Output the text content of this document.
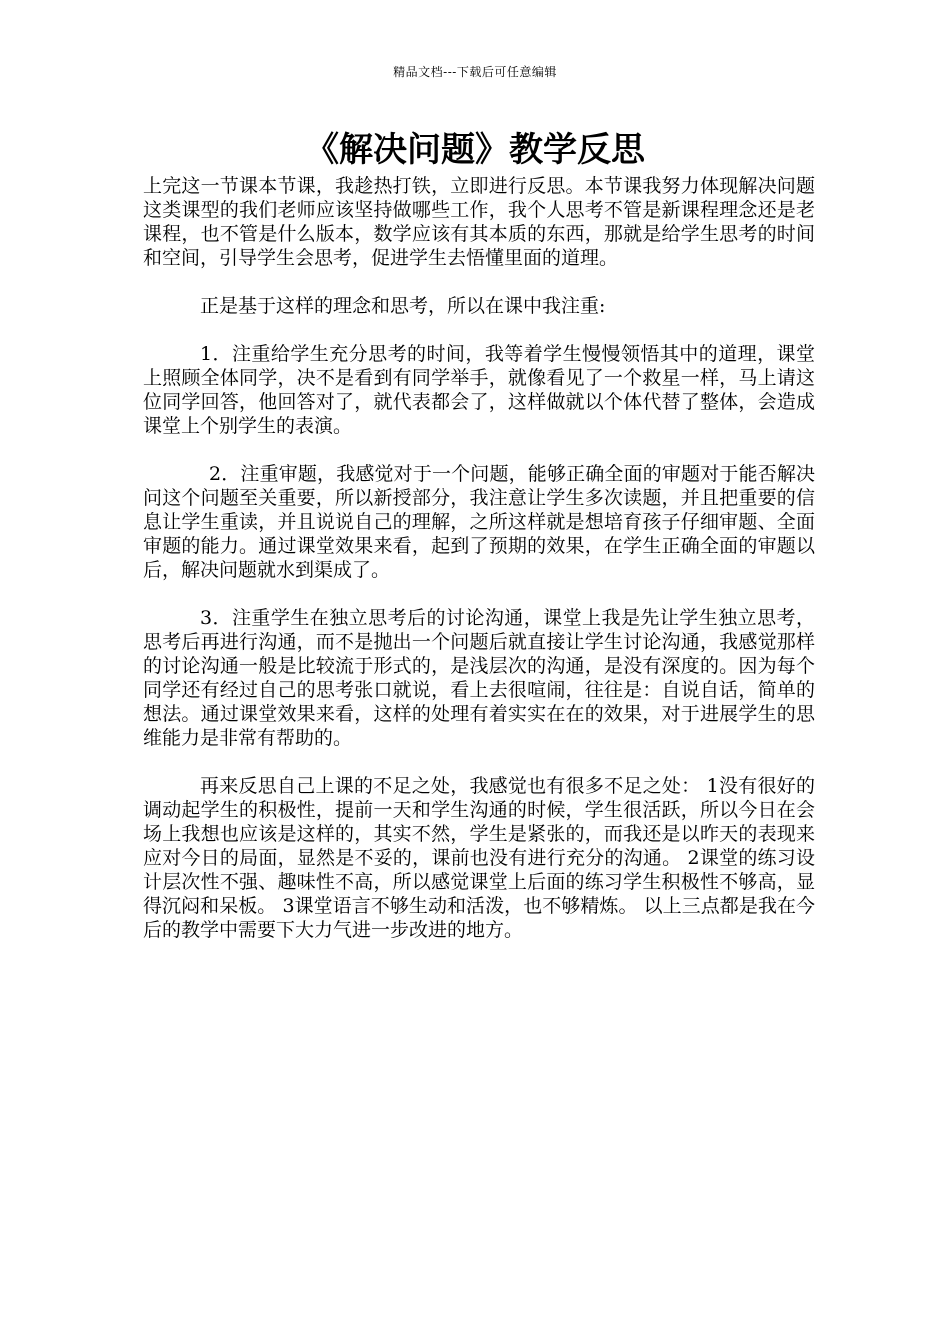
精品文档---下载后可任意编辑
《解决问题》教学反思

上完这一节课本节课，我趁热打铁，立即进行反思。本节课我努力体现解决问题这类课型的我们老师应该坚持做哪些工作，我个人思考不管是新课程理念还是老课程，也不管是什么版本，数学应该有其本质的东西，那就是给学生思考的时间和空间，引导学生会思考，促进学生去悟懂里面的道理。

正是基于这样的理念和思考，所以在课中我注重:

1．注重给学生充分思考的时间，我等着学生慢慢领悟其中的道理，课堂上照顾全体同学，决不是看到有同学举手，就像看见了一个救星一样，马上请这位同学回答，他回答对了，就代表都会了，这样做就以个体代替了整体，会造成课堂上个别学生的表演。

2．注重审题，我感觉对于一个问题，能够正确全面的审题对于能否解决问这个问题至关重要，所以新授部分，我注意让学生多次读题，并且把重要的信息让学生重读，并且说说自己的理解，之所这样就是想培育孩子仔细审题、全面审题的能力。通过课堂效果来看，起到了预期的效果，在学生正确全面的审题以后，解决问题就水到渠成了。

3．注重学生在独立思考后的讨论沟通，课堂上我是先让学生独立思考，思考后再进行沟通，而不是抛出一个问题后就直接让学生讨论沟通，我感觉那样的讨论沟通一般是比较流于形式的，是浅层次的沟通，是没有深度的。因为每个同学还有经过自己的思考张口就说，看上去很喧闹，往往是：自说自话，简单的想法。通过课堂效果来看，这样的处理有着实实在在的效果，对于进展学生的思维能力是非常有帮助的。

再来反思自己上课的不足之处，我感觉也有很多不足之处： 1没有很好的调动起学生的积极性，提前一天和学生沟通的时候，学生很活跃，所以今日在会场上我想也应该是这样的，其实不然，学生是紧张的，而我还是以昨天的表现来应对今日的局面，显然是不妥的，课前也没有进行充分的沟通。 2课堂的练习设计层次性不强、趣味性不高，所以感觉课堂上后面的练习学生积极性不够高，显得沉闷和呆板。 3课堂语言不够生动和活泼，也不够精炼。 以上三点都是我在今后的教学中需要下大力气进一步改进的地方。
